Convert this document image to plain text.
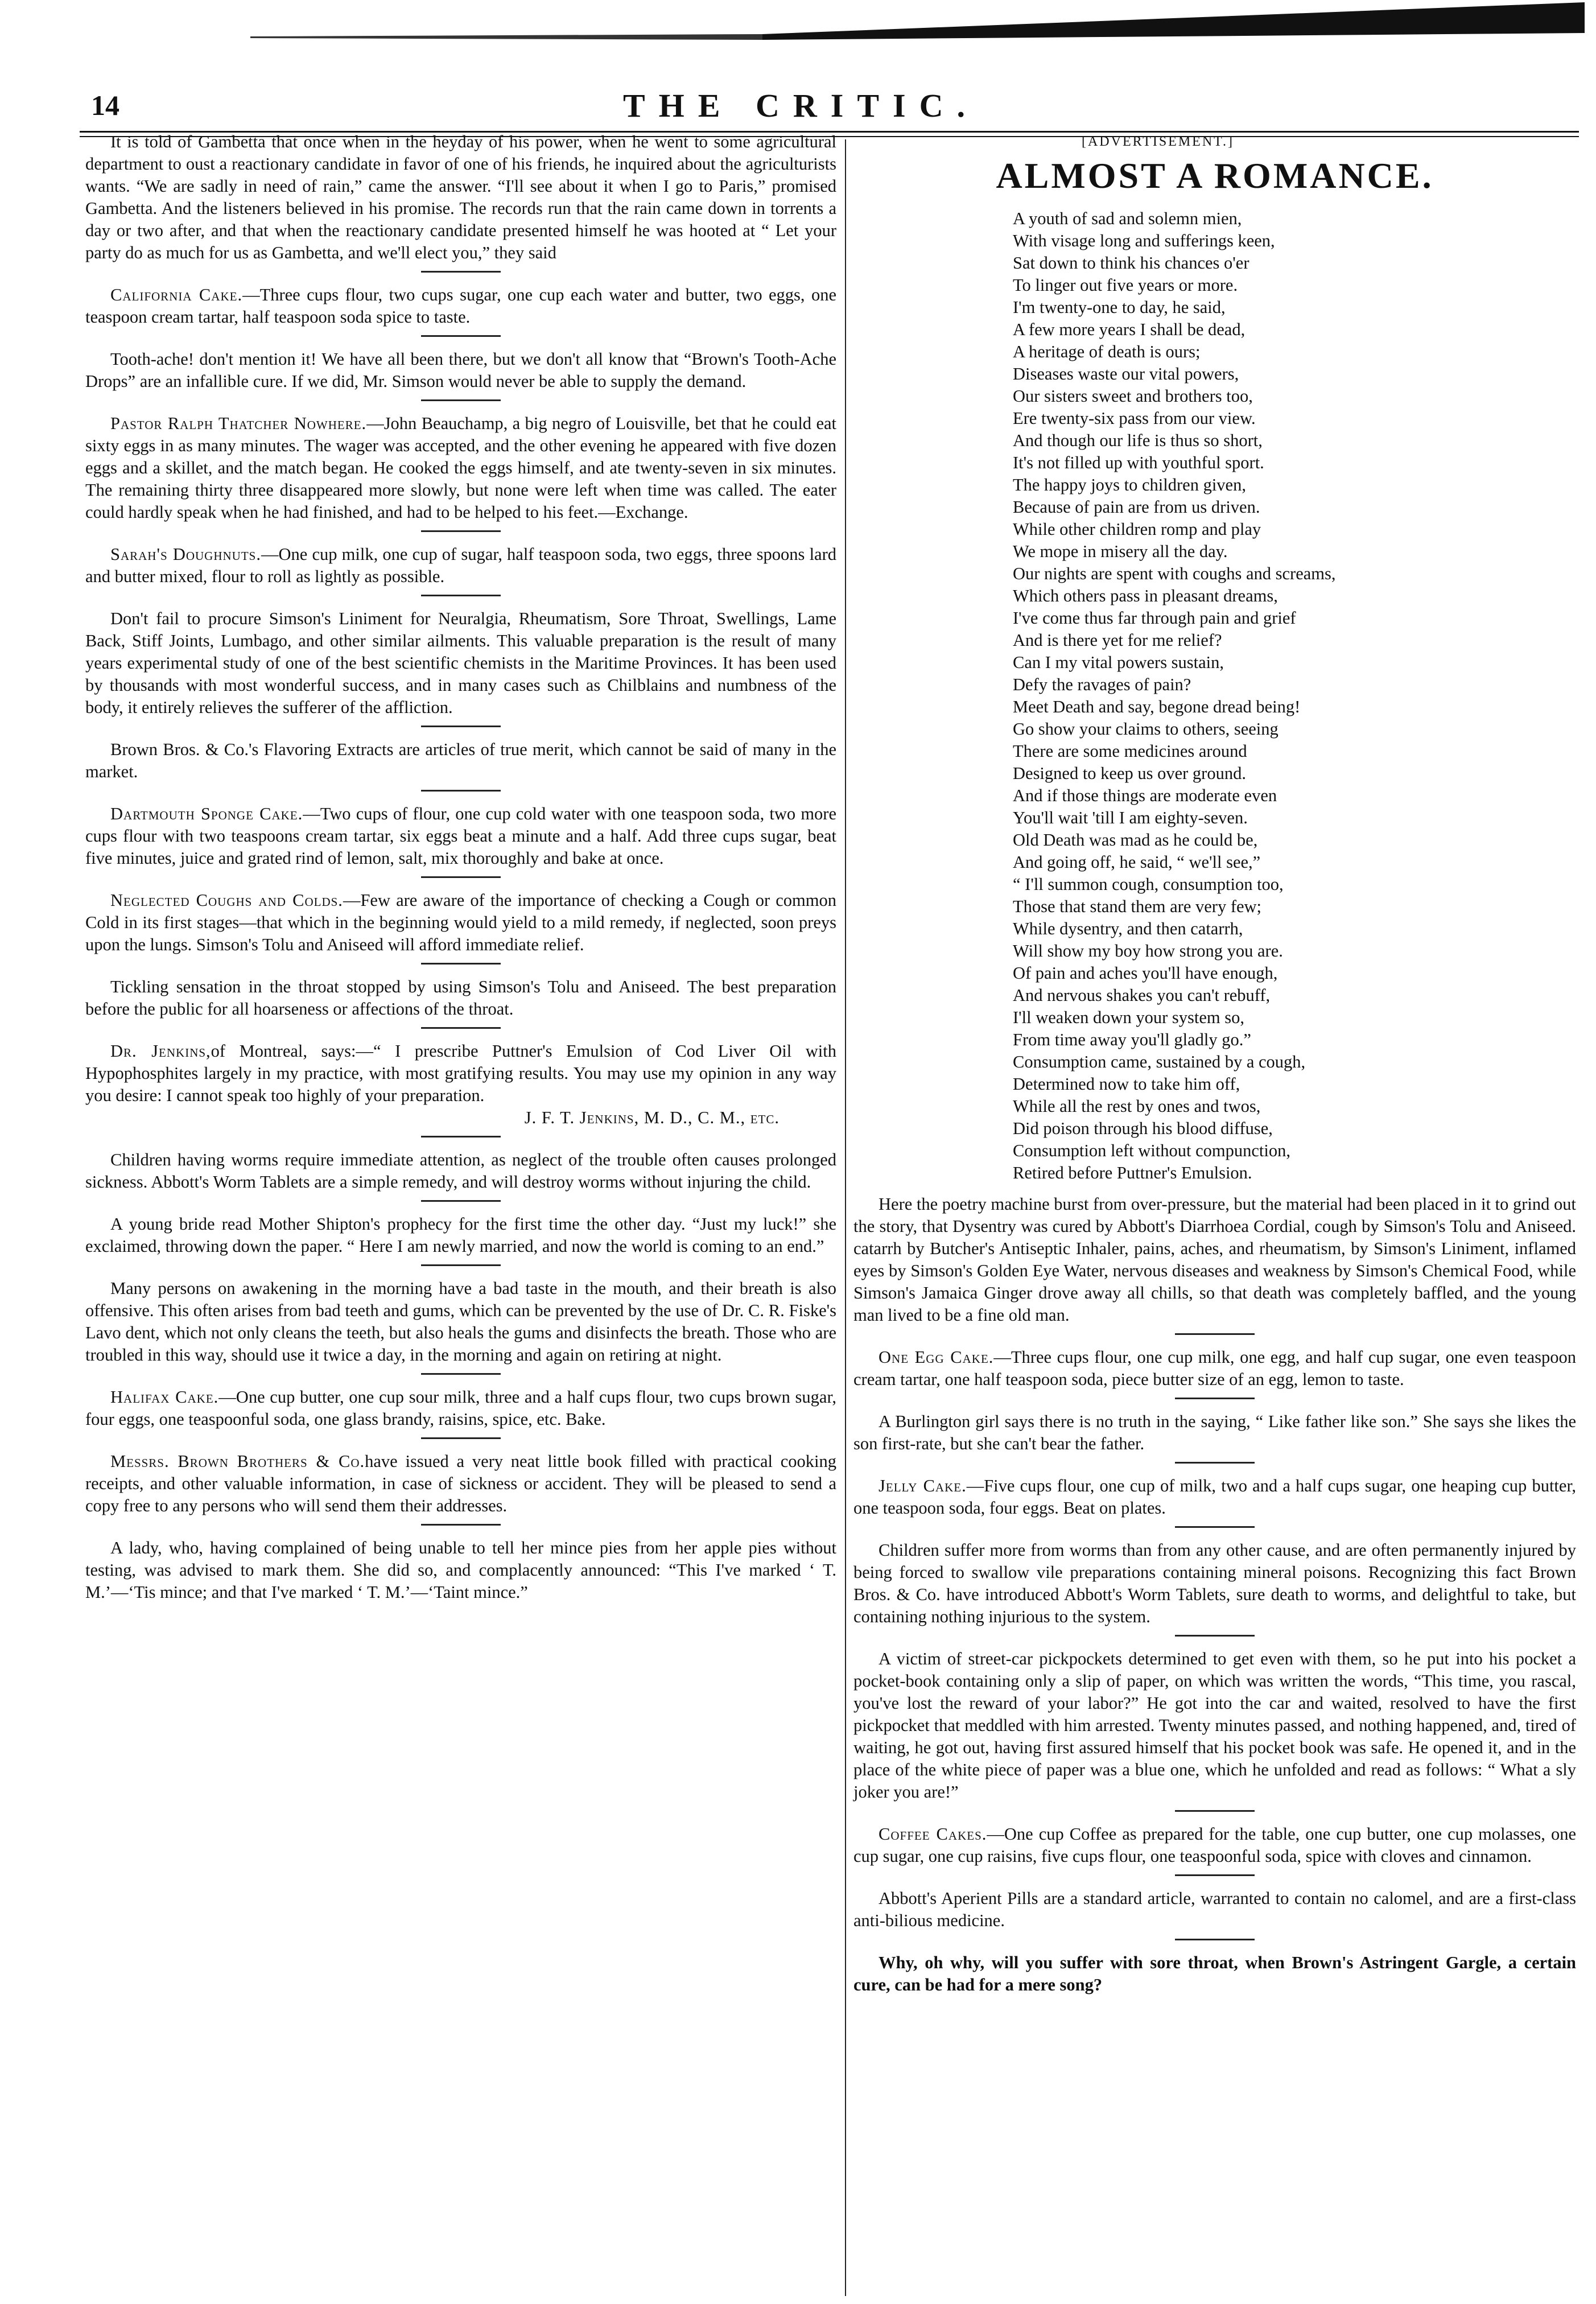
14	THE CRITIC.

It is told of Gambetta that once when in the heyday of his power, when he went to some agricultural department to oust a reactionary candidate in favor of one of his friends, he inquired about the agriculturists wants. “We are sadly in need of rain,” came the answer. “I'll see about it when I go to Paris,” promised Gambetta. And the listeners believed in his promise. The records run that the rain came down in torrents a day or two after, and that when the reactionary candidate presented himself he was hooted at “ Let your party do as much for us as Gambetta, and we'll elect you,” they said

California Cake.—Three cups flour, two cups sugar, one cup each water and butter, two eggs, one teaspoon cream tartar, half teaspoon soda spice to taste.

Tooth-ache! don't mention it! We have all been there, but we don't all know that “Brown's Tooth-Ache Drops” are an infallible cure. If we did, Mr. Simson would never be able to supply the demand.

Pastor Ralph Thatcher Nowhere.—John Beauchamp, a big negro of Louisville, bet that he could eat sixty eggs in as many minutes. The wager was accepted, and the other evening he appeared with five dozen eggs and a skillet, and the match began. He cooked the eggs himself, and ate twenty-seven in six minutes. The remaining thirty three disappeared more slowly, but none were left when time was called. The eater could hardly speak when he had finished, and had to be helped to his feet.—Exchange.

Sarah's Doughnuts.—One cup milk, one cup of sugar, half teaspoon soda, two eggs, three spoons lard and butter mixed, flour to roll as lightly as possible.

Don't fail to procure Simson's Liniment for Neuralgia, Rheumatism, Sore Throat, Swellings, Lame Back, Stiff Joints, Lumbago, and other similar ailments. This valuable preparation is the result of many years experimental study of one of the best scientific chemists in the Maritime Provinces. It has been used by thousands with most wonderful success, and in many cases such as Chilblains and numbness of the body, it entirely relieves the sufferer of the affliction.

Brown Bros. & Co.'s Flavoring Extracts are articles of true merit, which cannot be said of many in the market.

Dartmouth Sponge Cake.—Two cups of flour, one cup cold water with one teaspoon soda, two more cups flour with two teaspoons cream tartar, six eggs beat a minute and a half. Add three cups sugar, beat five minutes, juice and grated rind of lemon, salt, mix thoroughly and bake at once.

Neglected Coughs and Colds.—Few are aware of the importance of checking a Cough or common Cold in its first stages—that which in the beginning would yield to a mild remedy, if neglected, soon preys upon the lungs. Simson's Tolu and Aniseed will afford immediate relief.

Tickling sensation in the throat stopped by using Simson's Tolu and Aniseed. The best preparation before the public for all hoarseness or affections of the throat.

Dr. Jenkins,of Montreal, says:—“ I prescribe Puttner's Emulsion of Cod Liver Oil with Hypophosphites largely in my practice, with most gratifying results. You may use my opinion in any way you desire: I cannot speak too highly of your preparation.

J. F. T. Jenkins, M. D., C. M., etc.

Children having worms require immediate attention, as neglect of the trouble often causes prolonged sickness. Abbott's Worm Tablets are a simple remedy, and will destroy worms without injuring the child.

A young bride read Mother Shipton's prophecy for the first time the other day. “Just my luck!” she exclaimed, throwing down the paper. “ Here I am newly married, and now the world is coming to an end.”

Many persons on awakening in the morning have a bad taste in the mouth, and their breath is also offensive. This often arises from bad teeth and gums, which can be prevented by the use of Dr. C. R. Fiske's Lavo dent, which not only cleans the teeth, but also heals the gums and disinfects the breath. Those who are troubled in this way, should use it twice a day, in the morning and again on retiring at night.

Halifax Cake.—One cup butter, one cup sour milk, three and a half cups flour, two cups brown sugar, four eggs, one teaspoonful soda, one glass brandy, raisins, spice, etc. Bake.

Messrs. Brown Brothers & Co.have issued a very neat little book filled with practical cooking receipts, and other valuable information, in case of sickness or accident. They will be pleased to send a copy free to any persons who will send them their addresses.

A lady, who, having complained of being unable to tell her mince pies from her apple pies without testing, was advised to mark them. She did so, and complacently announced: “This I've marked ‘ T. M.’—‘Tis mince; and that I've marked ‘ T. M.’—‘Taint mince.”

[ADVERTISEMENT.]

ALMOST A ROMANCE.
A youth of sad and solemn mien,
With visage long and sufferings keen,
Sat down to think his chances o'er
To linger out five years or more.
I'm twenty-one to day, he said,
A few more years I shall be dead,
A heritage of death is ours;
Diseases waste our vital powers,
Our sisters sweet and brothers too,
Ere twenty-six pass from our view.
And though our life is thus so short,
It's not filled up with youthful sport.
The happy joys to children given,
Because of pain are from us driven.
While other children romp and play
We mope in misery all the day.
Our nights are spent with coughs and screams,
Which others pass in pleasant dreams,
I've come thus far through pain and grief
And is there yet for me relief?
Can I my vital powers sustain,
Defy the ravages of pain?
Meet Death and say, begone dread being!
Go show your claims to others, seeing
There are some medicines around
Designed to keep us over ground.
And if those things are moderate even
You'll wait 'till I am eighty-seven.
Old Death was mad as he could be,
And going off, he said, “ we'll see,”
“ I'll summon cough, consumption too,
Those that stand them are very few;
While dysentry, and then catarrh,
Will show my boy how strong you are.
Of pain and aches you'll have enough,
And nervous shakes you can't rebuff,
I'll weaken down your system so,
From time away you'll gladly go.”
Consumption came, sustained by a cough,
Determined now to take him off,
While all the rest by ones and twos,
Did poison through his blood diffuse,
Consumption left without compunction,
Retired before Puttner's Emulsion.

Here the poetry machine burst from over-pressure, but the material had been placed in it to grind out the story, that Dysentry was cured by Abbott's Diarrhoea Cordial, cough by Simson's Tolu and Aniseed. catarrh by Butcher's Antiseptic Inhaler, pains, aches, and rheumatism, by Simson's Liniment, inflamed eyes by Simson's Golden Eye Water, nervous diseases and weakness by Simson's Chemical Food, while Simson's Jamaica Ginger drove away all chills, so that death was completely baffled, and the young man lived to be a fine old man.

One Egg Cake.—Three cups flour, one cup milk, one egg, and half cup sugar, one even teaspoon cream tartar, one half teaspoon soda, piece butter size of an egg, lemon to taste.

A Burlington girl says there is no truth in the saying, “ Like father like son.” She says she likes the son first-rate, but she can't bear the father.

Jelly Cake.—Five cups flour, one cup of milk, two and a half cups sugar, one heaping cup butter, one teaspoon soda, four eggs. Beat on plates.

Children suffer more from worms than from any other cause, and are often permanently injured by being forced to swallow vile preparations containing mineral poisons. Recognizing this fact Brown Bros. & Co. have introduced Abbott's Worm Tablets, sure death to worms, and delightful to take, but containing nothing injurious to the system.

A victim of street-car pickpockets determined to get even with them, so he put into his pocket a pocket-book containing only a slip of paper, on which was written the words, “This time, you rascal, you've lost the reward of your labor?” He got into the car and waited, resolved to have the first pickpocket that meddled with him arrested. Twenty minutes passed, and nothing happened, and, tired of waiting, he got out, having first assured himself that his pocket book was safe. He opened it, and in the place of the white piece of paper was a blue one, which he unfolded and read as follows: “ What a sly joker you are!”

Coffee Cakes.—One cup Coffee as prepared for the table, one cup butter, one cup molasses, one cup sugar, one cup raisins, five cups flour, one teaspoonful soda, spice with cloves and cinnamon.

Abbott's Aperient Pills are a standard article, warranted to contain no calomel, and are a first-class anti-bilious medicine.

Why, oh why, will you suffer with sore throat, when Brown's Astringent Gargle, a certain cure, can be had for a mere song?
